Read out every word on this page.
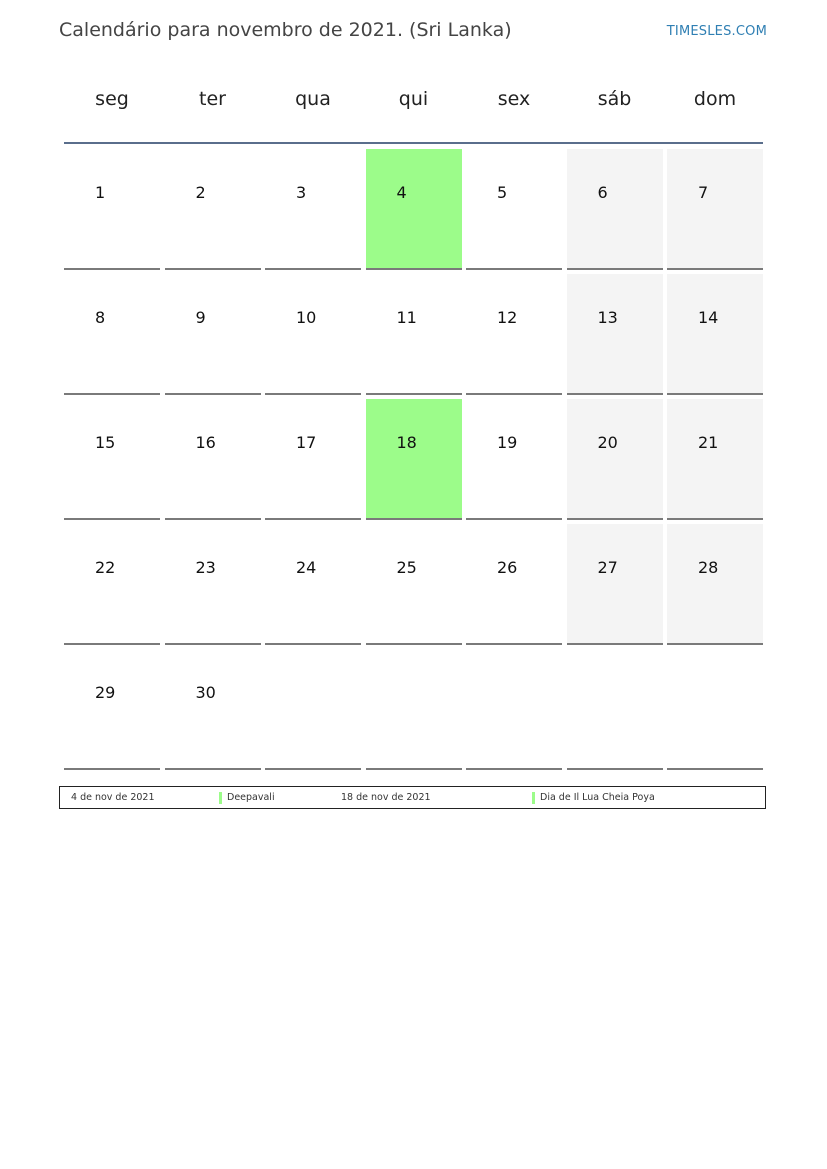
Calendário para novembro de 2021. (Sri Lanka)	TIMESLES.COM
seg	ter	qua	qui	sex	sáb	dom
1	2	3	4	5	6	7
8	9	10	11	12	13	14
15	16	17	18	19	20	21
22	23	24	25	26	27	28
29	30
4 de nov de 2021	Deepavali	18 de nov de 2021	Dia de Il Lua Cheia Poya
